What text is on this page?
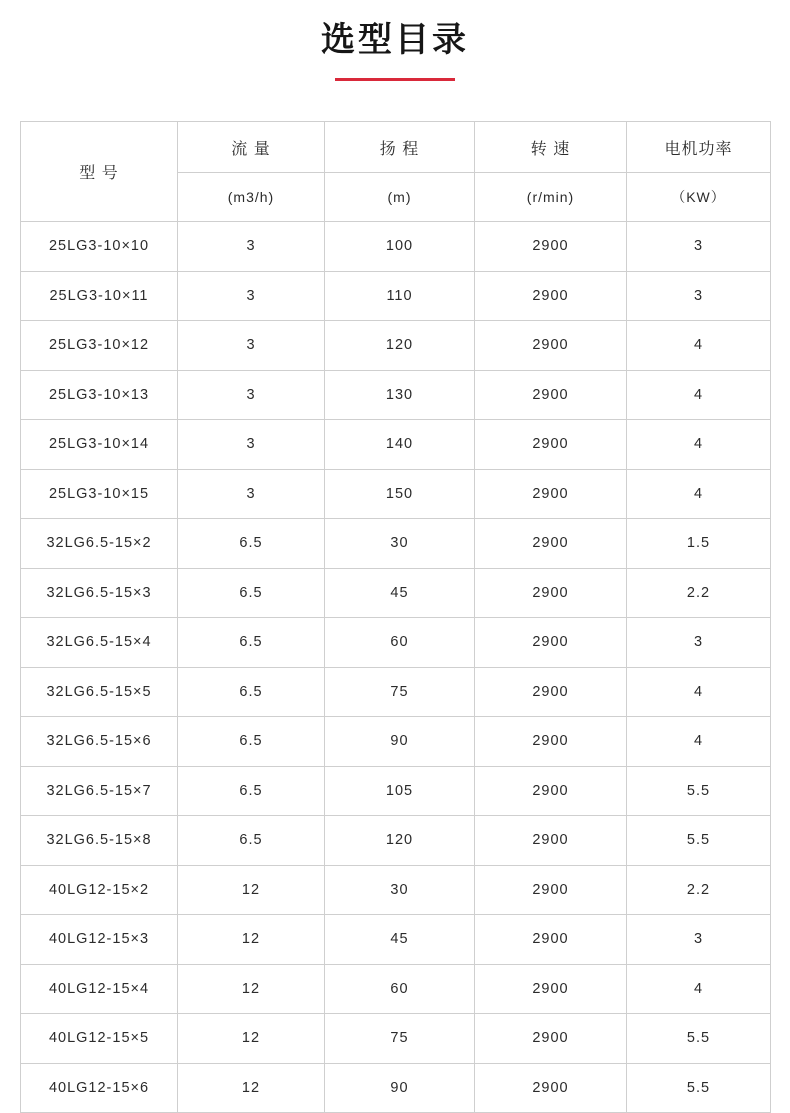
选型目录
型 号	流 量	扬 程	转 速	电机功率
	(m3/h)	(m)	(r/min)	（KW）
25LG3-10×10	3	100	2900	3
25LG3-10×11	3	110	2900	3
25LG3-10×12	3	120	2900	4
25LG3-10×13	3	130	2900	4
25LG3-10×14	3	140	2900	4
25LG3-10×15	3	150	2900	4
32LG6.5-15×2	6.5	30	2900	1.5
32LG6.5-15×3	6.5	45	2900	2.2
32LG6.5-15×4	6.5	60	2900	3
32LG6.5-15×5	6.5	75	2900	4
32LG6.5-15×6	6.5	90	2900	4
32LG6.5-15×7	6.5	105	2900	5.5
32LG6.5-15×8	6.5	120	2900	5.5
40LG12-15×2	12	30	2900	2.2
40LG12-15×3	12	45	2900	3
40LG12-15×4	12	60	2900	4
40LG12-15×5	12	75	2900	5.5
40LG12-15×6	12	90	2900	5.5
